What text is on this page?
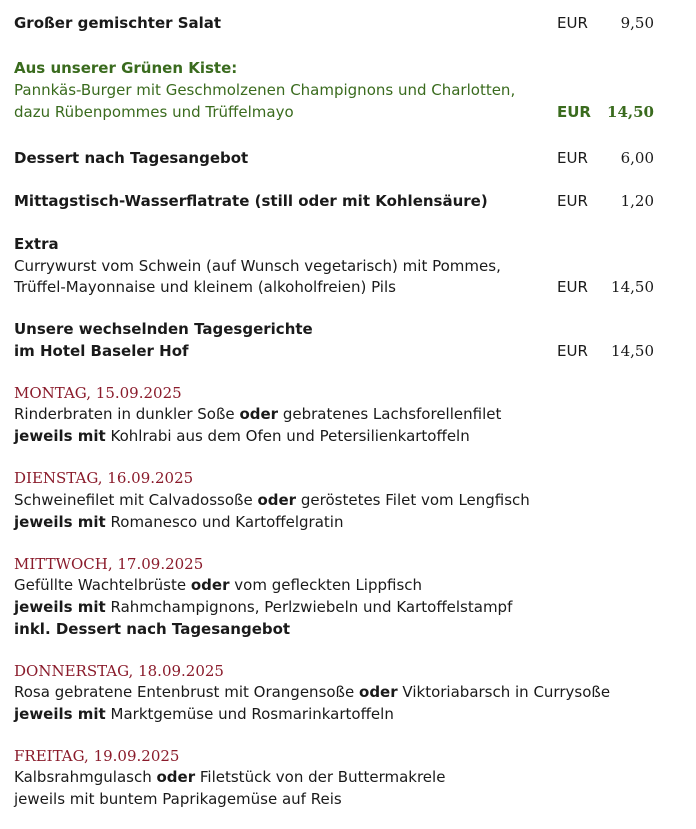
Großer gemischter Salat	EUR 9,50
Aus unserer Grünen Kiste:
Pannkäs-Burger mit Geschmolzenen Champignons und Charlotten,
dazu Rübenpommes und Trüffelmayo	EUR 14,50
Dessert nach Tagesangebot	EUR 6,00
Mittagstisch-Wasserflatrate (still oder mit Kohlensäure)	EUR 1,20
Extra
Currywurst vom Schwein (auf Wunsch vegetarisch) mit Pommes,
Trüffel-Mayonnaise und kleinem (alkoholfreien) Pils	EUR 14,50
Unsere wechselnden Tagesgerichte
im Hotel Baseler Hof	EUR 14,50
MONTAG, 15.09.2025
Rinderbraten in dunkler Soße oder gebratenes Lachsforellenfilet
jeweils mit Kohlrabi aus dem Ofen und Petersilienkartoffeln
DIENSTAG, 16.09.2025
Schweinefilet mit Calvadossoße oder geröstetes Filet vom Lengfisch
jeweils mit Romanesco und Kartoffelgratin
MITTWOCH, 17.09.2025
Gefüllte Wachtelbrüste oder vom gefleckten Lippfisch
jeweils mit Rahmchampignons, Perlzwiebeln und Kartoffelstampf
inkl. Dessert nach Tagesangebot
DONNERSTAG, 18.09.2025
Rosa gebratene Entenbrust mit Orangensoße oder Viktoriabarsch in Currysoße
jeweils mit Marktgemüse und Rosmarinkartoffeln
FREITAG, 19.09.2025
Kalbsrahmgulasch oder Filetstück von der Buttermakrele
jeweils mit buntem Paprikagemüse auf Reis
